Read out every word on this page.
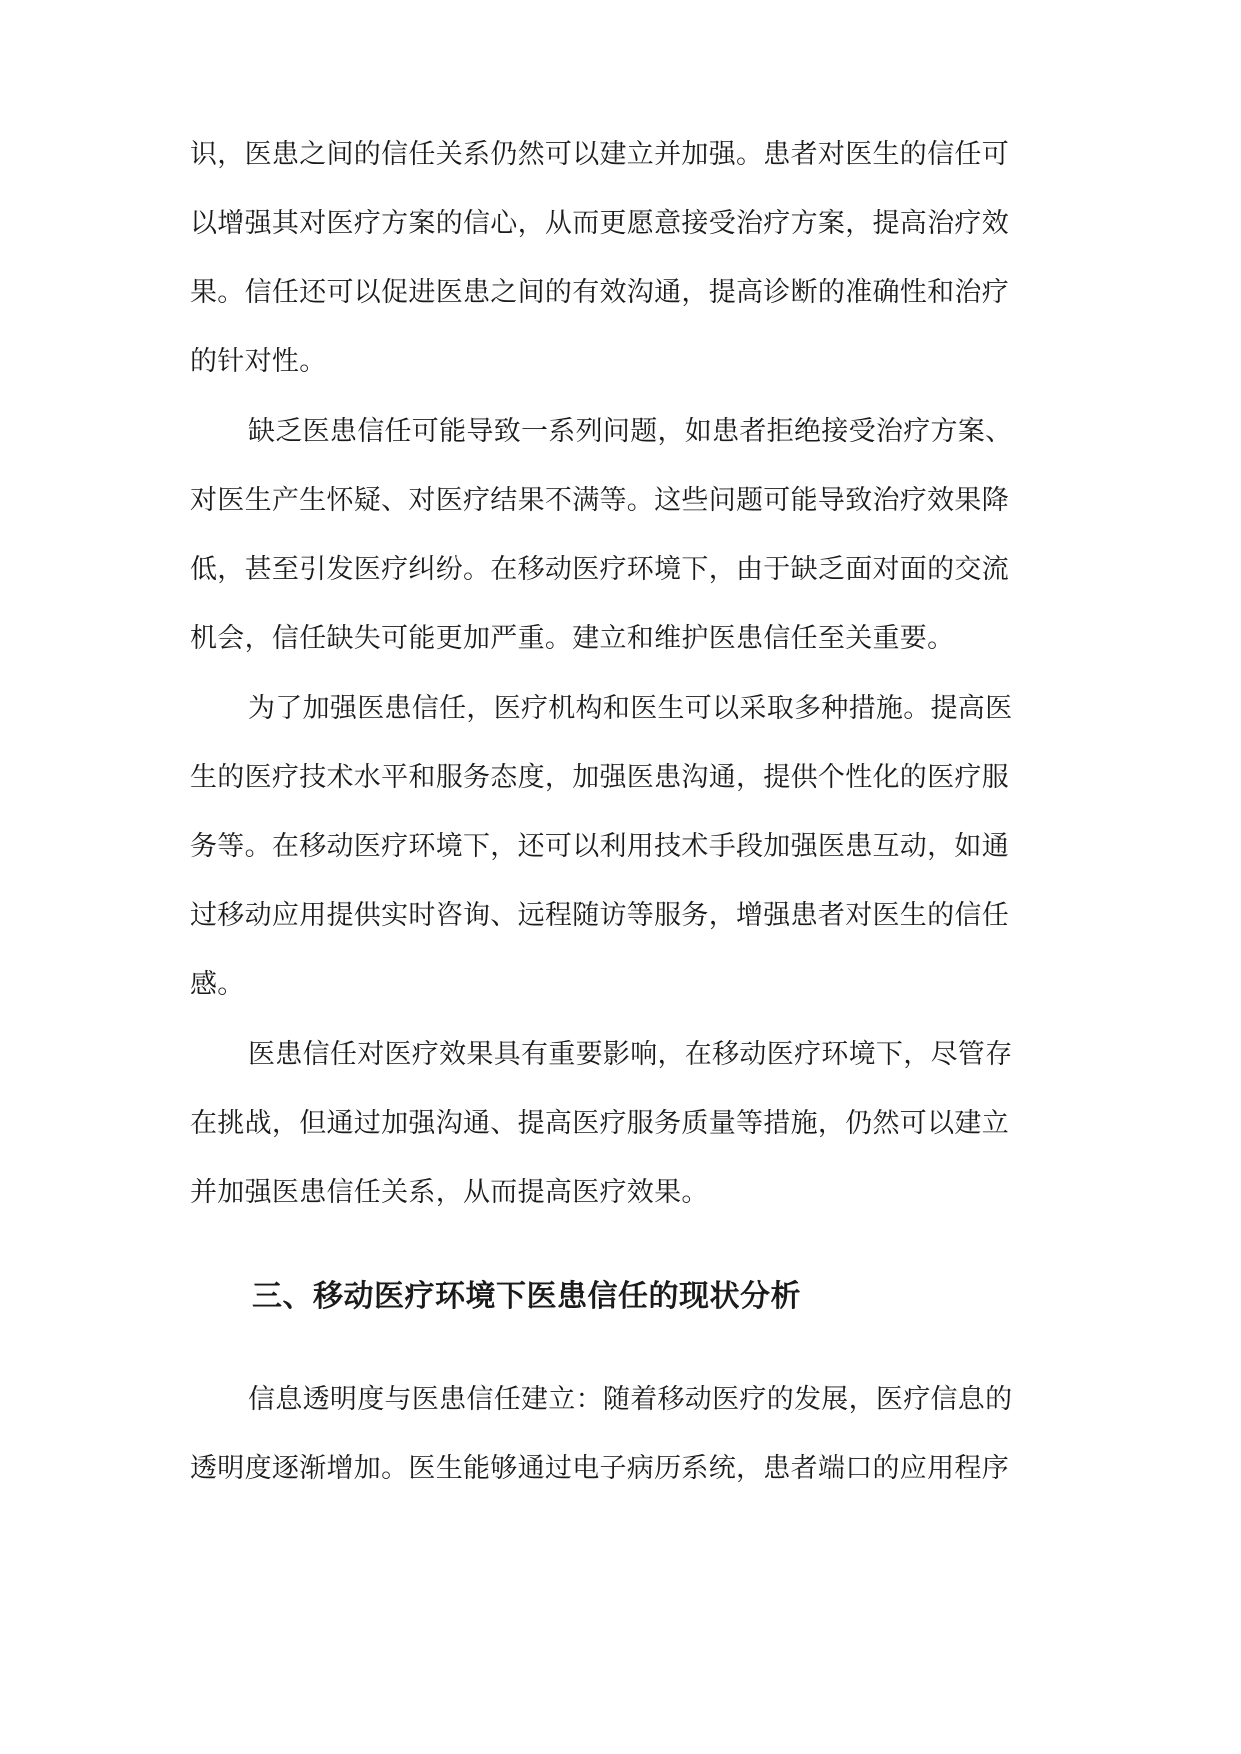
识，医患之间的信任关系仍然可以建立并加强。患者对医生的信任可
以增强其对医疗方案的信心，从而更愿意接受治疗方案，提高治疗效
果。信任还可以促进医患之间的有效沟通，提高诊断的准确性和治疗
的针对性。
缺乏医患信任可能导致一系列问题，如患者拒绝接受治疗方案、
对医生产生怀疑、对医疗结果不满等。这些问题可能导致治疗效果降
低，甚至引发医疗纠纷。在移动医疗环境下，由于缺乏面对面的交流
机会，信任缺失可能更加严重。建立和维护医患信任至关重要。
为了加强医患信任，医疗机构和医生可以采取多种措施。提高医
生的医疗技术水平和服务态度，加强医患沟通，提供个性化的医疗服
务等。在移动医疗环境下，还可以利用技术手段加强医患互动，如通
过移动应用提供实时咨询、远程随访等服务，增强患者对医生的信任
感。
医患信任对医疗效果具有重要影响，在移动医疗环境下，尽管存
在挑战，但通过加强沟通、提高医疗服务质量等措施，仍然可以建立
并加强医患信任关系，从而提高医疗效果。
三、移动医疗环境下医患信任的现状分析
信息透明度与医患信任建立：随着移动医疗的发展，医疗信息的
透明度逐渐增加。医生能够通过电子病历系统，患者端口的应用程序
